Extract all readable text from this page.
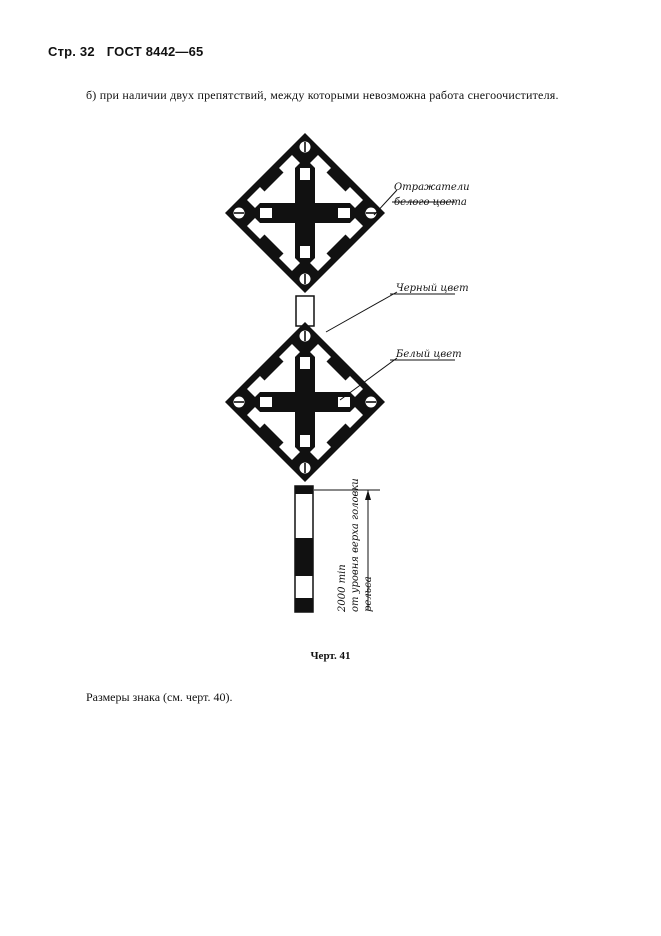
Стр. 32 ГОСТ 8442—65
б) при наличии двух препятствий, между которыми невозможна работа снегоочистителя.
Отражатели
белого цвета
Черный цвет
Белый цвет
2000 min от уровня верха головки рельса
Черт. 41
Размеры знака (см. черт. 40).
